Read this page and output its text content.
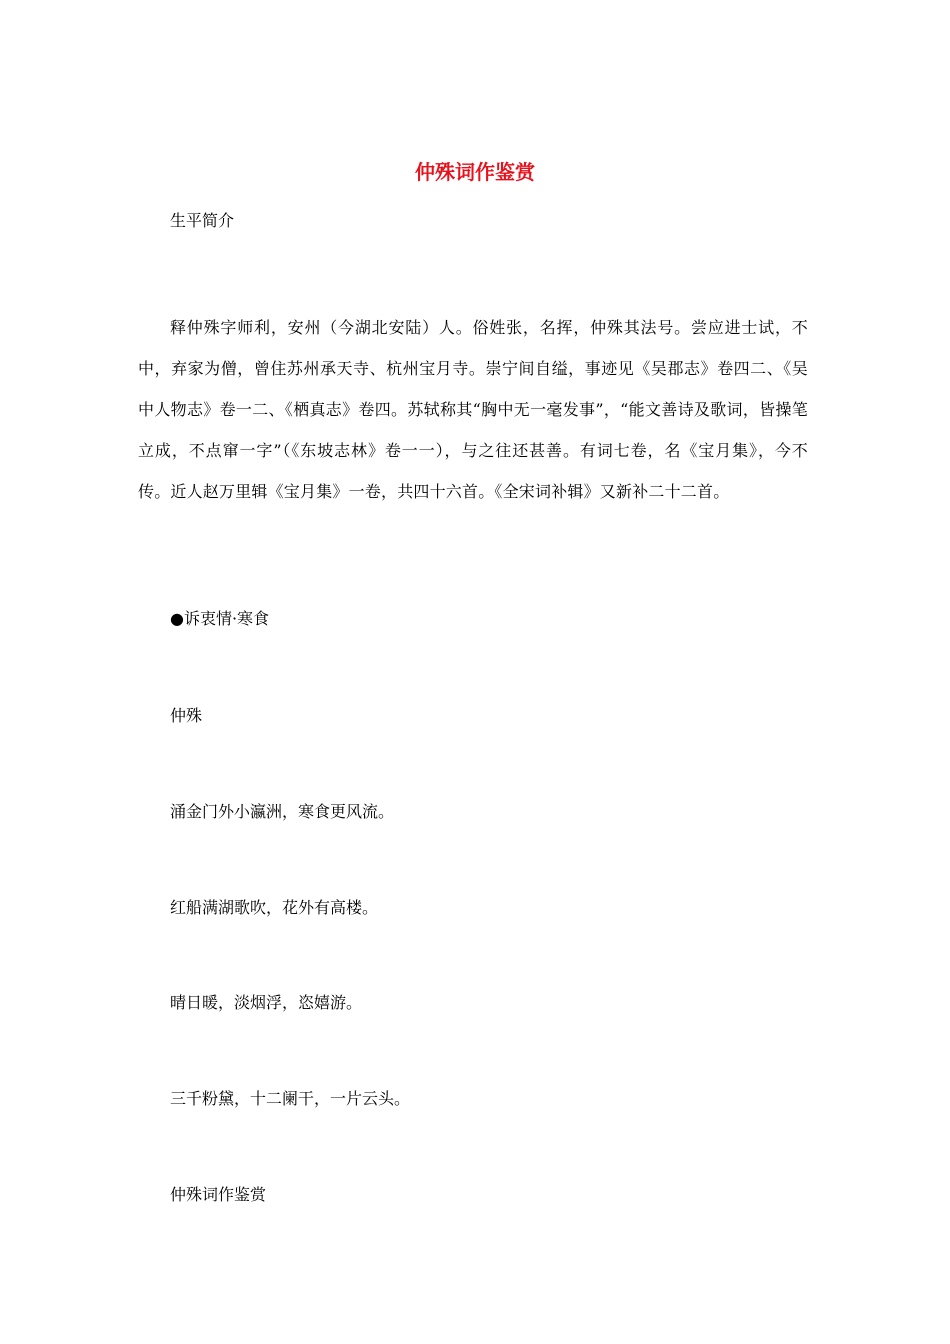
仲殊词作鉴赏
生平简介
释仲殊字师利，安州（今湖北安陆）人。俗姓张，名挥，仲殊其法号。尝应进士试，不中，弃家为僧，曾住苏州承天寺、杭州宝月寺。崇宁间自缢，事迹见《吴郡志》卷四二、《吴中人物志》卷一二、《栖真志》卷四。苏轼称其“胸中无一毫发事”，“能文善诗及歌词，皆操笔立成，不点窜一字”（《东坡志林》卷一一），与之往还甚善。有词七卷，名《宝月集》，今不传。近人赵万里辑《宝月集》一卷，共四十六首。《全宋词补辑》又新补二十二首。
●诉衷情·寒食
仲殊
涌金门外小瀛洲，寒食更风流。
红船满湖歌吹，花外有高楼。
晴日暖，淡烟浮，恣嬉游。
三千粉黛，十二阑干，一片云头。
仲殊词作鉴赏
